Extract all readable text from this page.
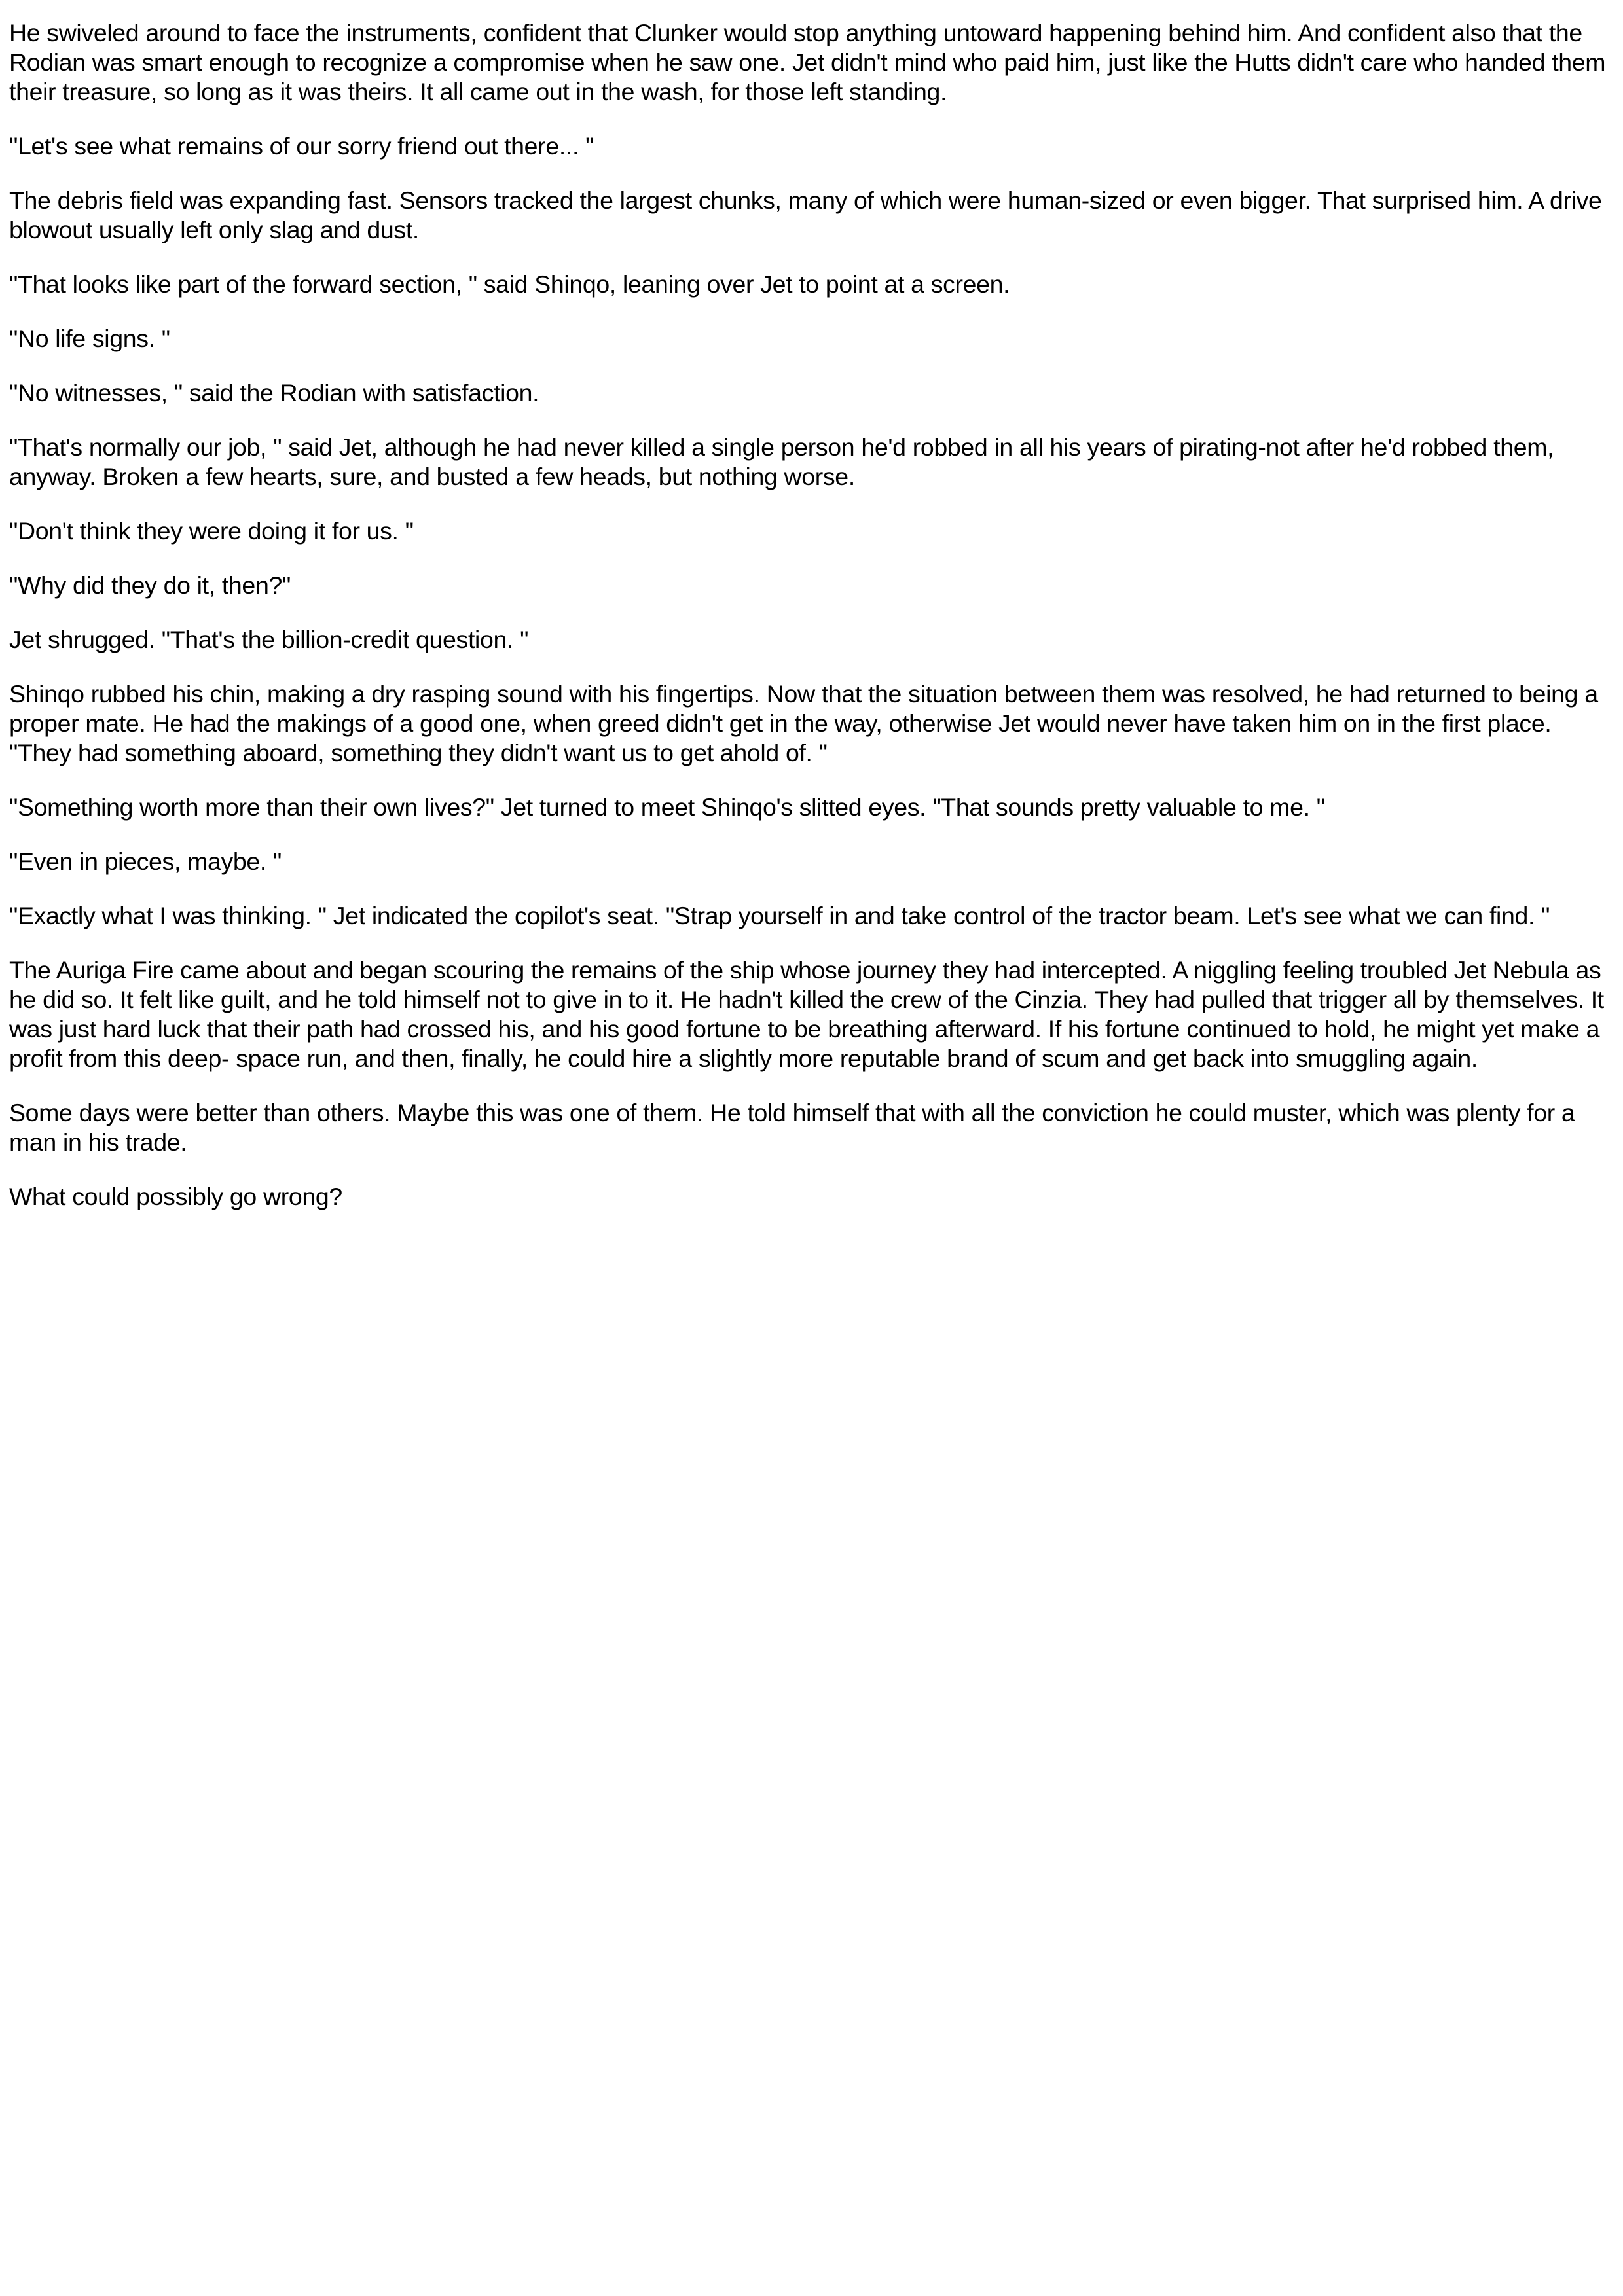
He swiveled around to face the instruments, confident that Clunker would stop anything untoward happening behind him. And confident also that the Rodian was smart enough to recognize a compromise when he saw one. Jet didn't mind who paid him, just like the Hutts didn't care who handed them their treasure, so long as it was theirs. It all came out in the wash, for those left standing.

"Let's see what remains of our sorry friend out there... "

The debris field was expanding fast. Sensors tracked the largest chunks, many of which were human-sized or even bigger. That surprised him. A drive blowout usually left only slag and dust.

"That looks like part of the forward section, " said Shinqo, leaning over Jet to point at a screen.

"No life signs. "

"No witnesses, " said the Rodian with satisfaction.

"That's normally our job, " said Jet, although he had never killed a single person he'd robbed in all his years of pirating-not after he'd robbed them, anyway. Broken a few hearts, sure, and busted a few heads, but nothing worse.

"Don't think they were doing it for us. "

"Why did they do it, then?"

Jet shrugged. "That's the billion-credit question. "

Shinqo rubbed his chin, making a dry rasping sound with his fingertips. Now that the situation between them was resolved, he had returned to being a proper mate. He had the makings of a good one, when greed didn't get in the way, otherwise Jet would never have taken him on in the first place. "They had something aboard, something they didn't want us to get ahold of. "

"Something worth more than their own lives?" Jet turned to meet Shinqo's slitted eyes. "That sounds pretty valuable to me. "

"Even in pieces, maybe. "

"Exactly what I was thinking. " Jet indicated the copilot's seat. "Strap yourself in and take control of the tractor beam. Let's see what we can find. "

The Auriga Fire came about and began scouring the remains of the ship whose journey they had intercepted. A niggling feeling troubled Jet Nebula as he did so. It felt like guilt, and he told himself not to give in to it. He hadn't killed the crew of the Cinzia. They had pulled that trigger all by themselves. It was just hard luck that their path had crossed his, and his good fortune to be breathing afterward. If his fortune continued to hold, he might yet make a profit from this deep- space run, and then, finally, he could hire a slightly more reputable brand of scum and get back into smuggling again.

Some days were better than others. Maybe this was one of them. He told himself that with all the conviction he could muster, which was plenty for a man in his trade.

What could possibly go wrong?
